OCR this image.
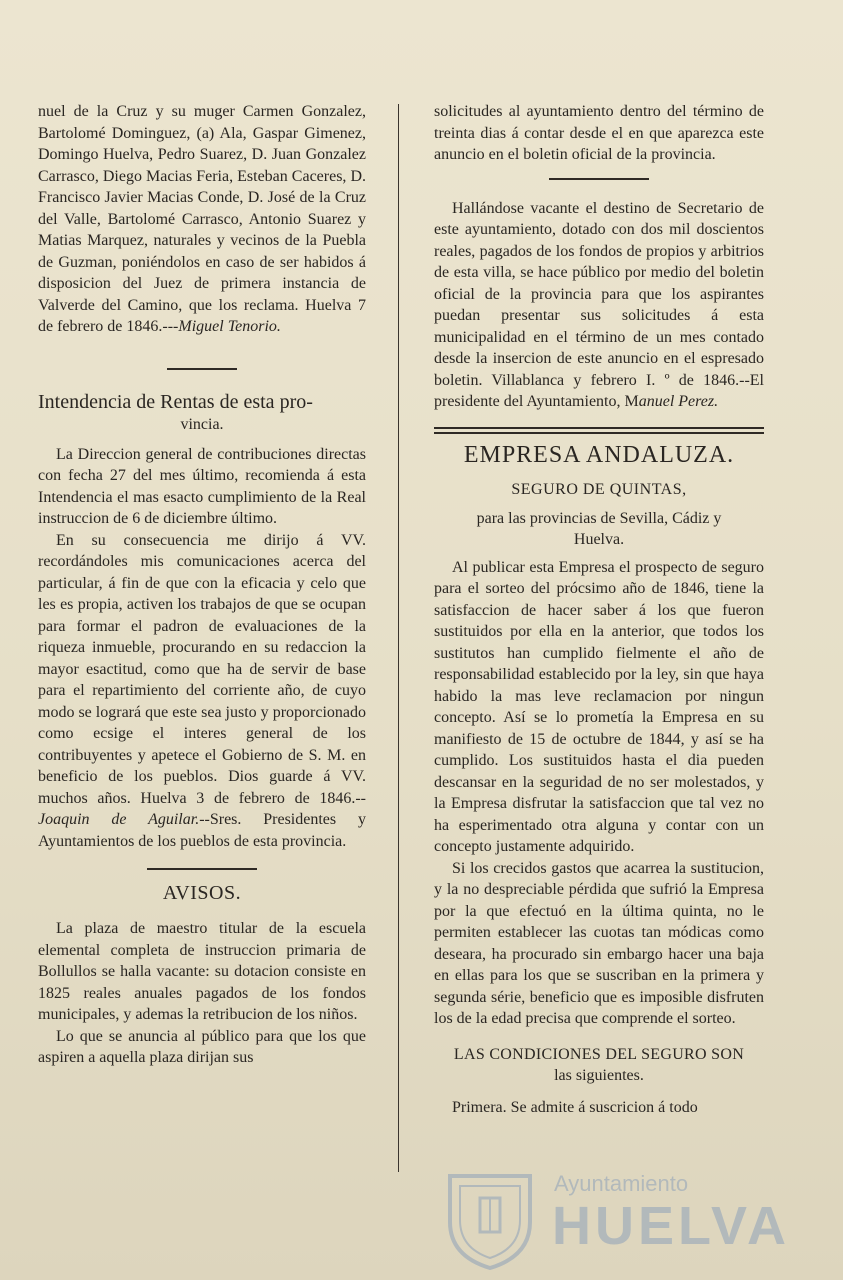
nuel de la Cruz y su muger Carmen Gonzalez, Bartolomé Dominguez, (a) Ala, Gaspar Gimenez, Domingo Huelva, Pedro Suarez, D. Juan Gonzalez Carrasco, Diego Macias Feria, Esteban Caceres, D. Francisco Javier Macias Conde, D. José de la Cruz del Valle, Bartolomé Carrasco, Antonio Suarez y Matias Marquez, naturales y vecinos de la Puebla de Guzman, poniéndolos en caso de ser habidos á disposicion del Juez de primera instancia de Valverde del Camino, que los reclama. Huelva 7 de febrero de 1846.---Miguel Tenorio.

Intendencia de Rentas de esta pro-

vincia.

La Direccion general de contribuciones directas con fecha 27 del mes último, recomienda á esta Intendencia el mas esacto cumplimiento de la Real instruccion de 6 de diciembre último.

En su consecuencia me dirijo á VV. recordándoles mis comunicaciones acerca del particular, á fin de que con la eficacia y celo que les es propia, activen los trabajos de que se ocupan para formar el padron de evaluaciones de la riqueza inmueble, procurando en su redaccion la mayor esactitud, como que ha de servir de base para el repartimiento del corriente año, de cuyo modo se logrará que este sea justo y proporcionado como ecsige el interes general de los contribuyentes y apetece el Gobierno de S. M. en beneficio de los pueblos. Dios guarde á VV. muchos años. Huelva 3 de febrero de 1846.--Joaquin de Aguilar.--Sres. Presidentes y Ayuntamientos de los pueblos de esta provincia.

AVISOS.

La plaza de maestro titular de la escuela elemental completa de instruccion primaria de Bollullos se halla vacante: su dotacion consiste en 1825 reales anuales pagados de los fondos municipales, y ademas la retribucion de los niños.

Lo que se anuncia al público para que los que aspiren a aquella plaza dirijan sus

solicitudes al ayuntamiento dentro del término de treinta dias á contar desde el en que aparezca este anuncio en el boletin oficial de la provincia.

Hallándose vacante el destino de Secretario de este ayuntamiento, dotado con dos mil doscientos reales, pagados de los fondos de propios y arbitrios de esta villa, se hace público por medio del boletin oficial de la provincia para que los aspirantes puedan presentar sus solicitudes á esta municipalidad en el término de un mes contado desde la insercion de este anuncio en el espresado boletin. Villablanca y febrero I. º de 1846.--El presidente del Ayuntamiento, Manuel Perez.

EMPRESA ANDALUZA.

SEGURO DE QUINTAS,

para las provincias de Sevilla, Cádiz y Huelva.

Al publicar esta Empresa el prospecto de seguro para el sorteo del prócsimo año de 1846, tiene la satisfaccion de hacer saber á los que fueron sustituidos por ella en la anterior, que todos los sustitutos han cumplido fielmente el año de responsabilidad establecido por la ley, sin que haya habido la mas leve reclamacion por ningun concepto. Así se lo prometía la Empresa en su manifiesto de 15 de octubre de 1844, y así se ha cumplido. Los sustituidos hasta el dia pueden descansar en la seguridad de no ser molestados, y la Empresa disfrutar la satisfaccion que tal vez no ha esperimentado otra alguna y contar con un concepto justamente adquirido.

Si los crecidos gastos que acarrea la sustitucion, y la no despreciable pérdida que sufrió la Empresa por la que efectuó en la última quinta, no le permiten establecer las cuotas tan módicas como deseara, ha procurado sin embargo hacer una baja en ellas para los que se suscriban en la primera y segunda série, beneficio que es imposible disfruten los de la edad precisa que comprende el sorteo.

LAS CONDICIONES DEL SEGURO SON

las siguientes.

Primera. Se admite á suscricion á todo

Ayuntamiento
HUELVA
